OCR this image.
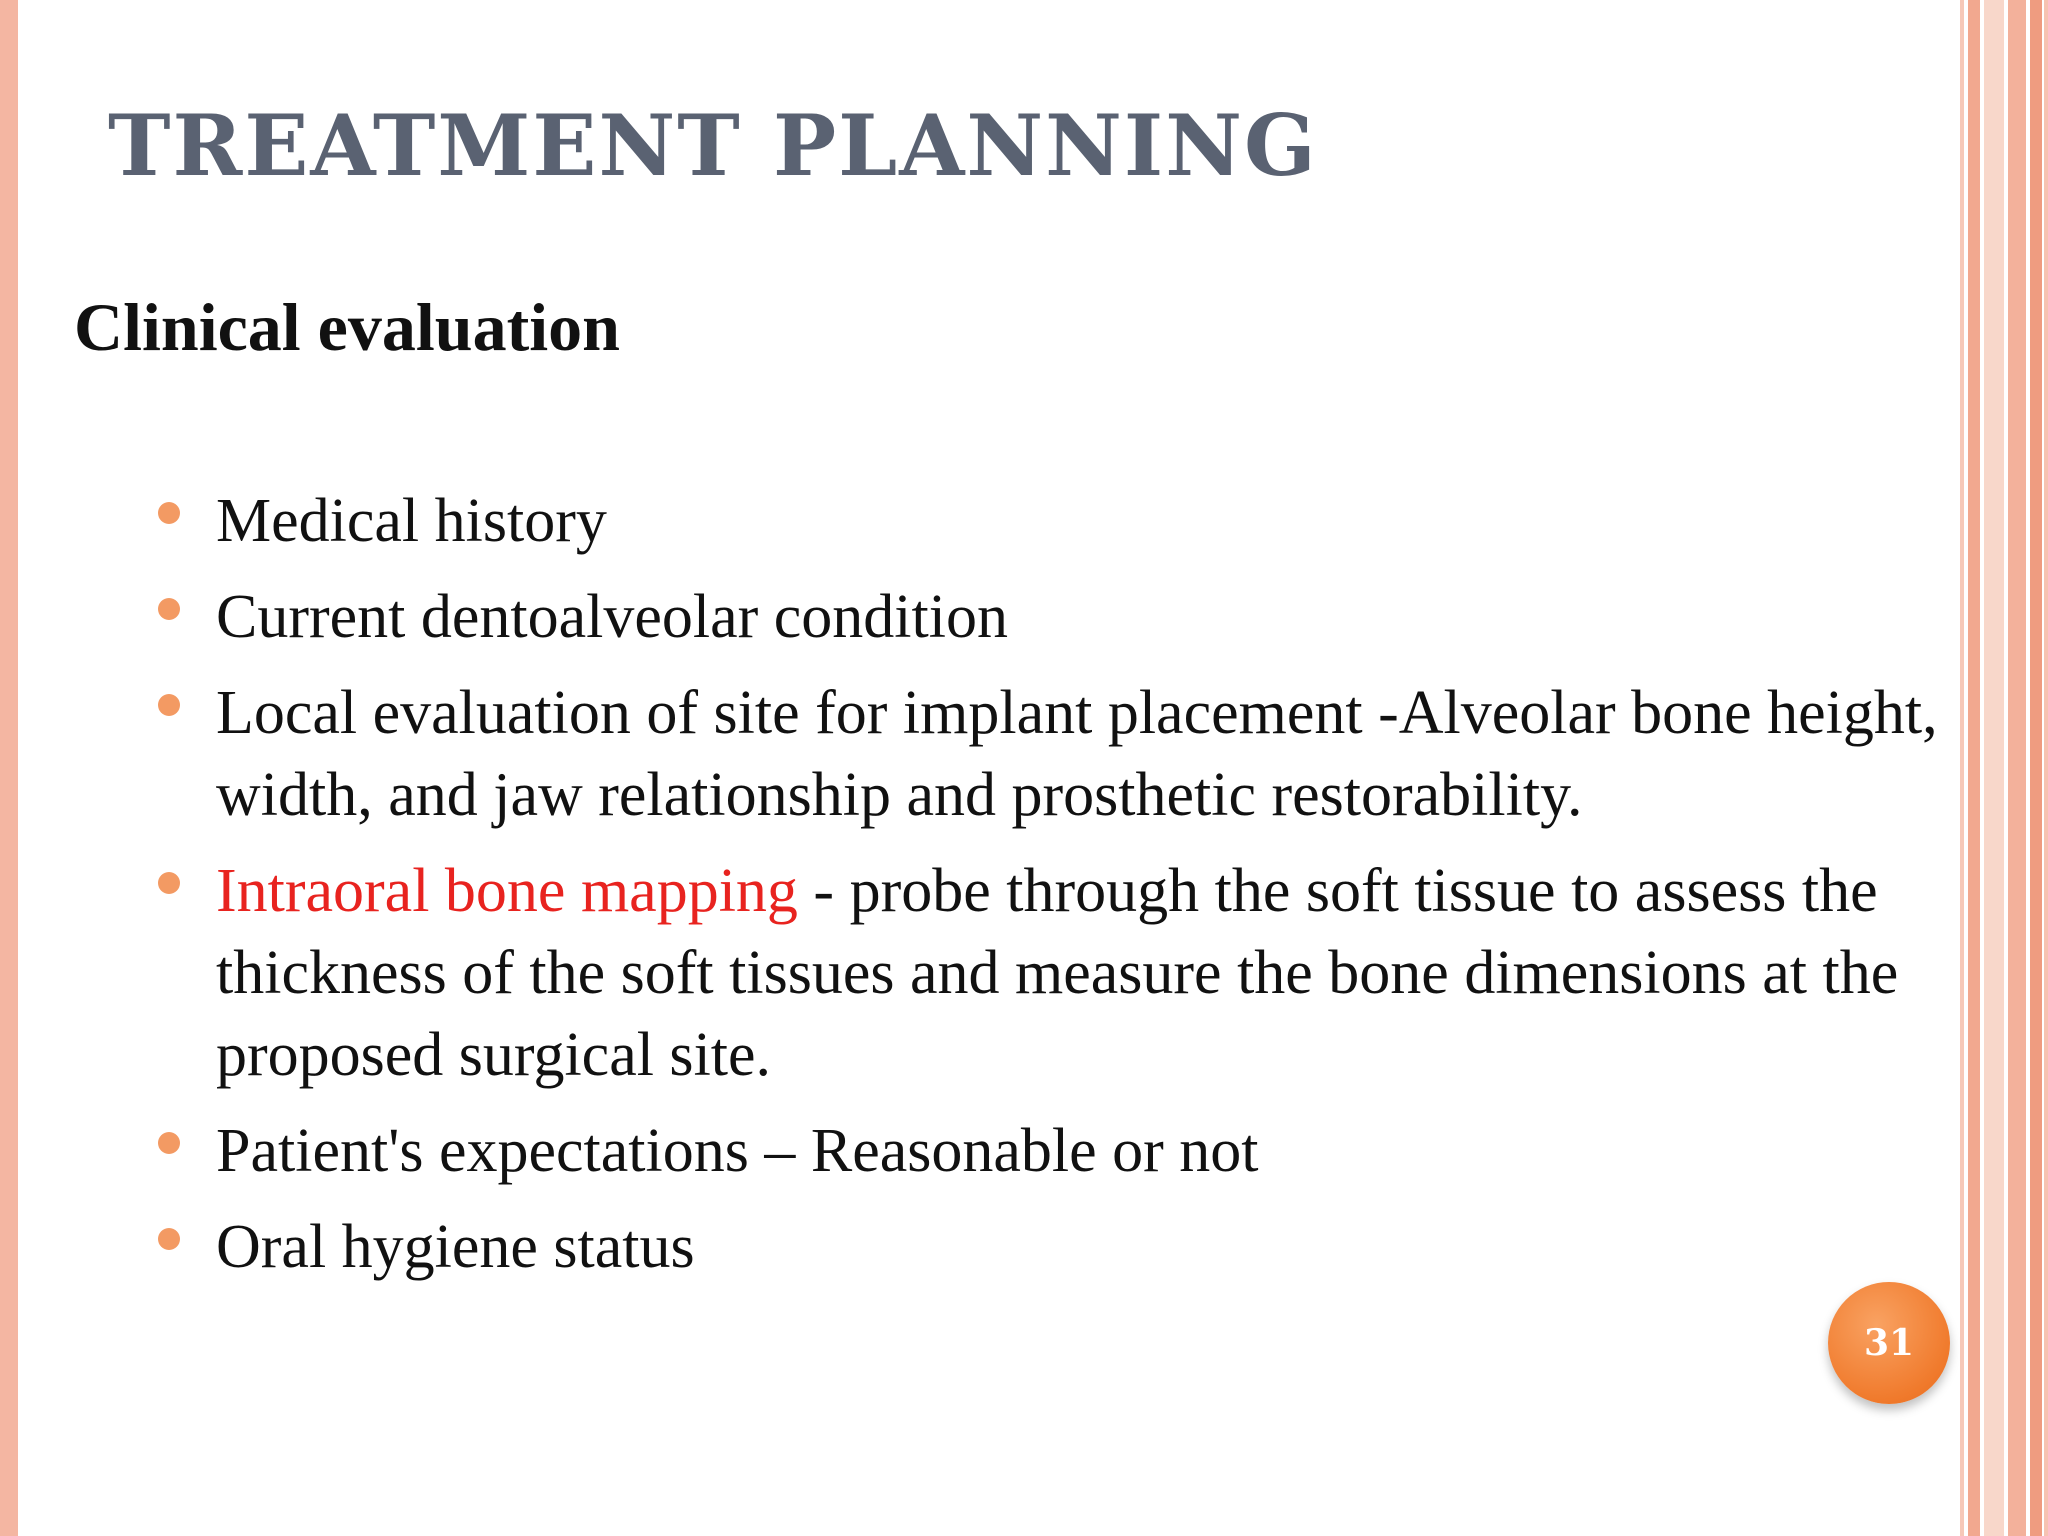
TREATMENT PLANNING
Clinical evaluation
Medical history
Current dentoalveolar condition
Local evaluation of site for implant placement -Alveolar bone height, width, and jaw relationship and prosthetic restorability.
Intraoral bone mapping - probe through the soft tissue to assess the thickness of the soft tissues and measure the bone dimensions at the proposed surgical site.
Patient's expectations – Reasonable or not
Oral hygiene status
31
